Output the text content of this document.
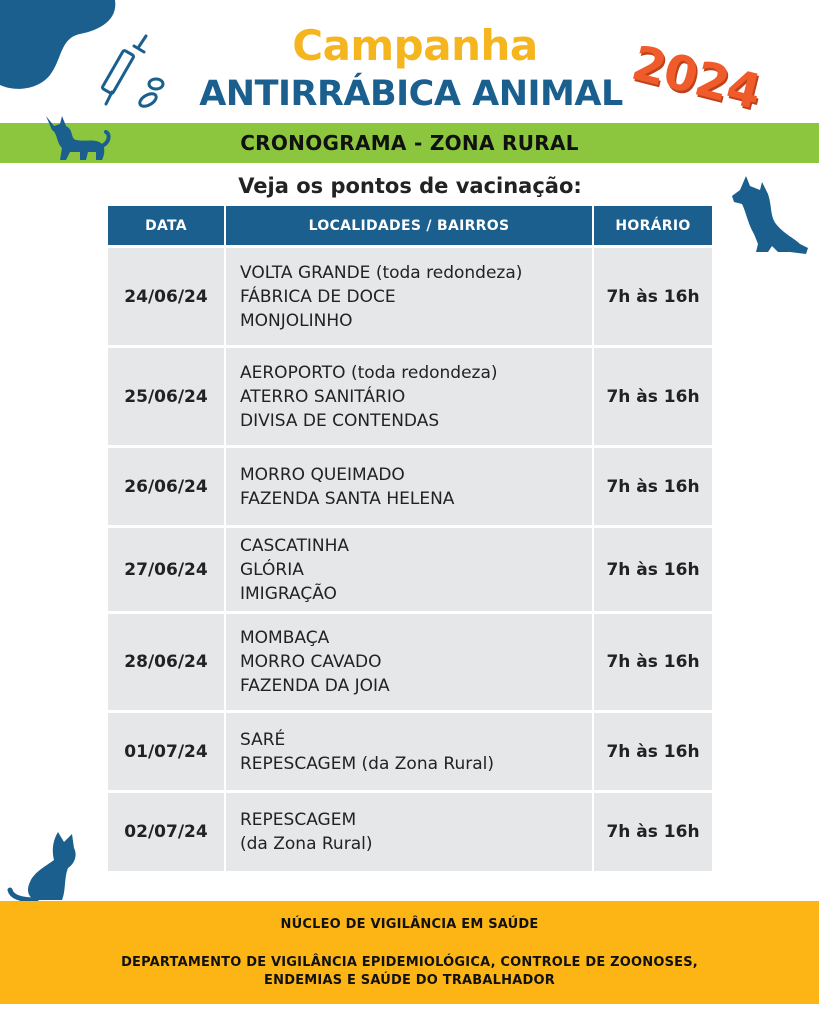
Campanha
ANTIRRÁBICA ANIMAL 2024
CRONOGRAMA - ZONA RURAL
Veja os pontos de vacinação:
DATA	LOCALIDADES / BAIRROS	HORÁRIO
24/06/24
VOLTA GRANDE (toda redondeza)
FÁBRICA DE DOCE
MONJOLINHO
7h às 16h
25/06/24
AEROPORTO (toda redondeza)
ATERRO SANITÁRIO
DIVISA DE CONTENDAS
7h às 16h
26/06/24
MORRO QUEIMADO
FAZENDA SANTA HELENA
7h às 16h
27/06/24
CASCATINHA
GLÓRIA
IMIGRAÇÃO
7h às 16h
28/06/24
MOMBAÇA
MORRO CAVADO
FAZENDA DA JOIA
7h às 16h
01/07/24
SARÉ
REPESCAGEM (da Zona Rural)
7h às 16h
02/07/24
REPESCAGEM
(da Zona Rural)
7h às 16h
NÚCLEO DE VIGILÂNCIA EM SAÚDE
DEPARTAMENTO DE VIGILÂNCIA EPIDEMIOLÓGICA, CONTROLE DE ZOONOSES,
ENDEMIAS E SAÚDE DO TRABALHADOR
